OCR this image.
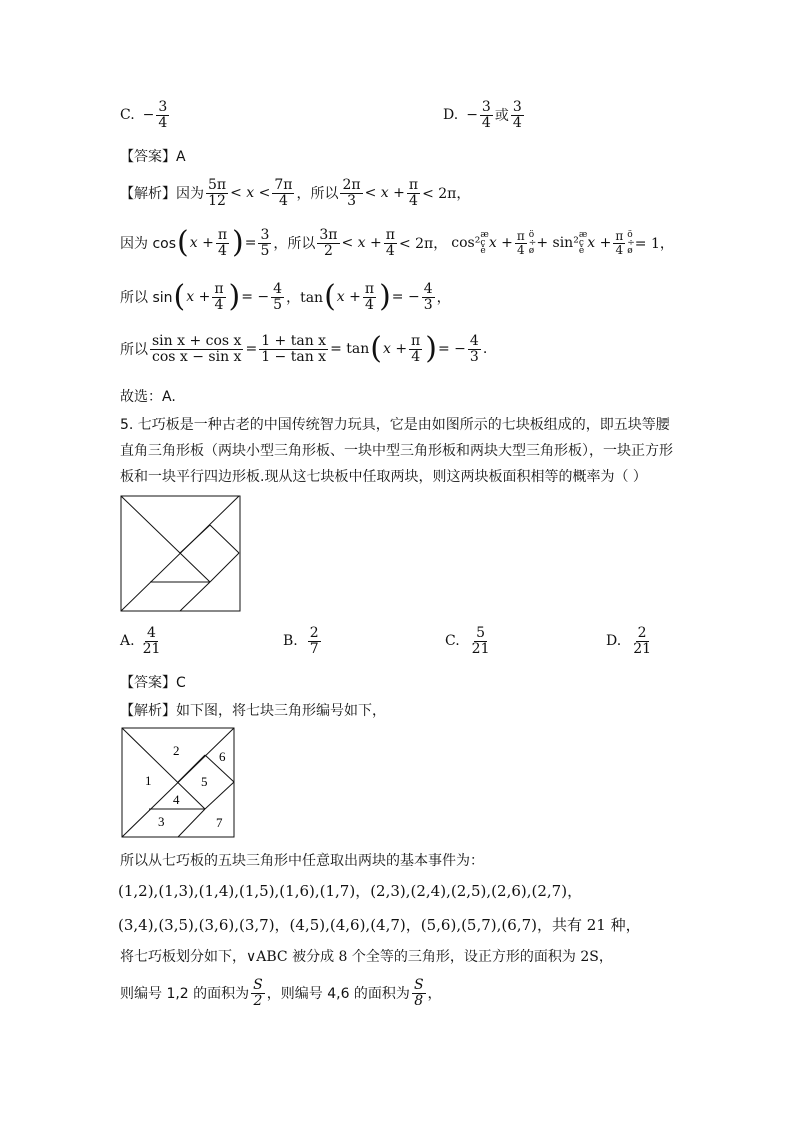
C. − $\frac{3}{4}$	D. − $\frac{3}{4}$ 或 $\frac{3}{4}$
【答案】A
【解析】因为 $\frac{5\pi}{12} < x < \frac{7\pi}{4}$ ，所以 $\frac{2\pi}{3} < x + \frac{\pi}{4} < 2\pi$，
因为 cos ( $x + \frac{\pi}{4}$ ) = $\frac{3}{5}$ ，所以 $\frac{3\pi}{2} < x + \frac{\pi}{4} < 2\pi$， cos²
æ
ç
è
$x + \frac{\pi}{4}$ ö
÷
ø
+ sin²
æ
ç
è
$x + \frac{\pi}{4}$ ö
÷
ø = 1，
所以 sin ( $x + \frac{\pi}{4}$ ) = − $\frac{4}{5}$ ，tan ( $x + \frac{\pi}{4}$ ) = − $\frac{4}{3}$ ，
所以 $\frac{\text{sin x + cos x}}{\text{cos x − sin x}} = \frac{\text{1 + tan x}}{\text{1 − tan x}} = \tan$ ( $x + \frac{\pi}{4}$ ) = − $\frac{4}{3}$ .
故选：A.
5. 七巧板是一种古老的中国传统智力玩具，它是由如图所示的七块板组成的，即五块等腰
直角三角形板（两块小型三角形板、一块中型三角形板和两块大型三角形板），一块正方形
板和一块平行四边形板.现从这七块板中任取两块，则这两块板面积相等的概率为（ ）
A. $\frac{4}{21}$	B. $\frac{2}{7}$	C. $\frac{5}{21}$	D. $\frac{2}{21}$
【答案】C
【解析】如下图，将七块三角形编号如下，
1
2
3
4
5
6
7
所以从七巧板的五块三角形中任意取出两块的基本事件为：
(1,2),(1,3),(1,4),(1,5),(1,6),(1,7)，(2,3),(2,4),(2,5),(2,6),(2,7)，
(3,4),(3,5),(3,6),(3,7)，(4,5),(4,6),(4,7)，(5,6),(5,7),(6,7)，共有 21 种，
将七巧板划分如下，∨ABC 被分成 8 个全等的三角形，设正方形的面积为 2S，
则编号 1,2 的面积为 $\frac{S}{2}$ ，则编号 4,6 的面积为 $\frac{S}{8}$ ，
